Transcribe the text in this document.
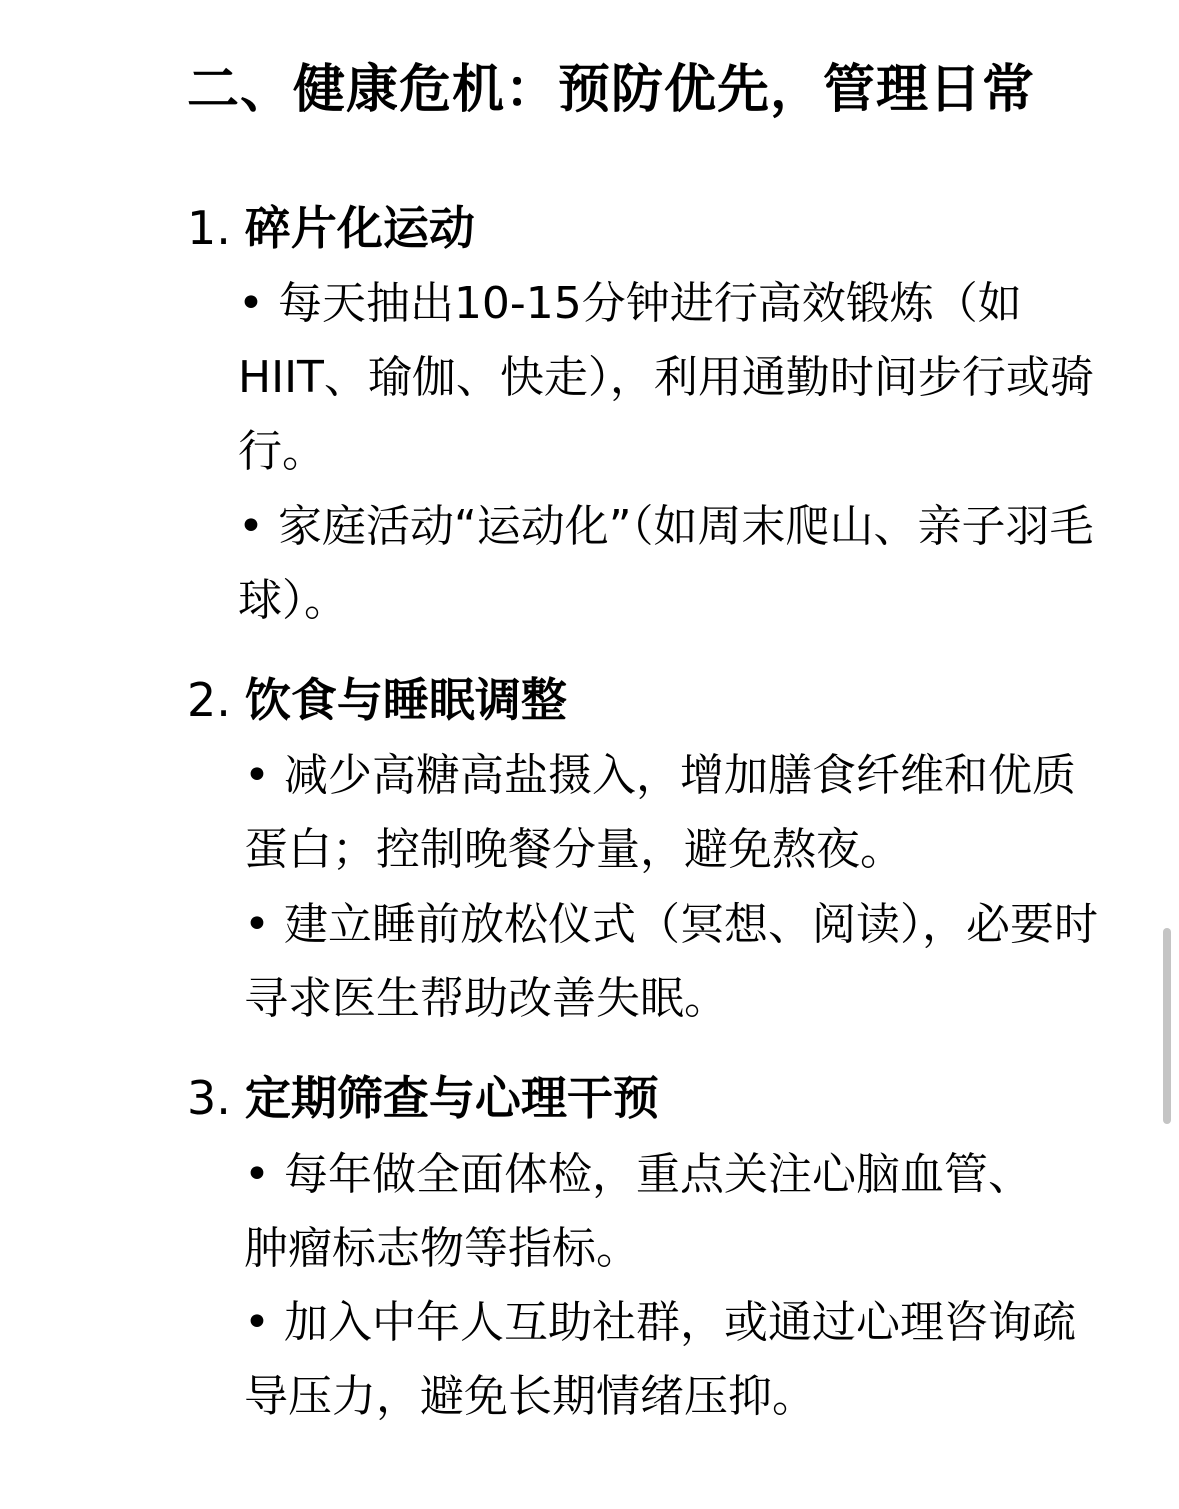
二、健康危机：预防优先，管理日常
1. 碎片化运动
• 每天抽出10-15分钟进行高效锻炼（如HIIT、瑜伽、快走），利用通勤时间步行或骑行。
• 家庭活动“运动化”（如周末爬山、亲子羽毛球）。
2. 饮食与睡眠调整
• 减少高糖高盐摄入，增加膳食纤维和优质蛋白；控制晚餐分量，避免熬夜。
• 建立睡前放松仪式（冥想、阅读），必要时寻求医生帮助改善失眠。
3. 定期筛查与心理干预
• 每年做全面体检，重点关注心脑血管、肿瘤标志物等指标。
• 加入中年人互助社群，或通过心理咨询疏导压力，避免长期情绪压抑。
